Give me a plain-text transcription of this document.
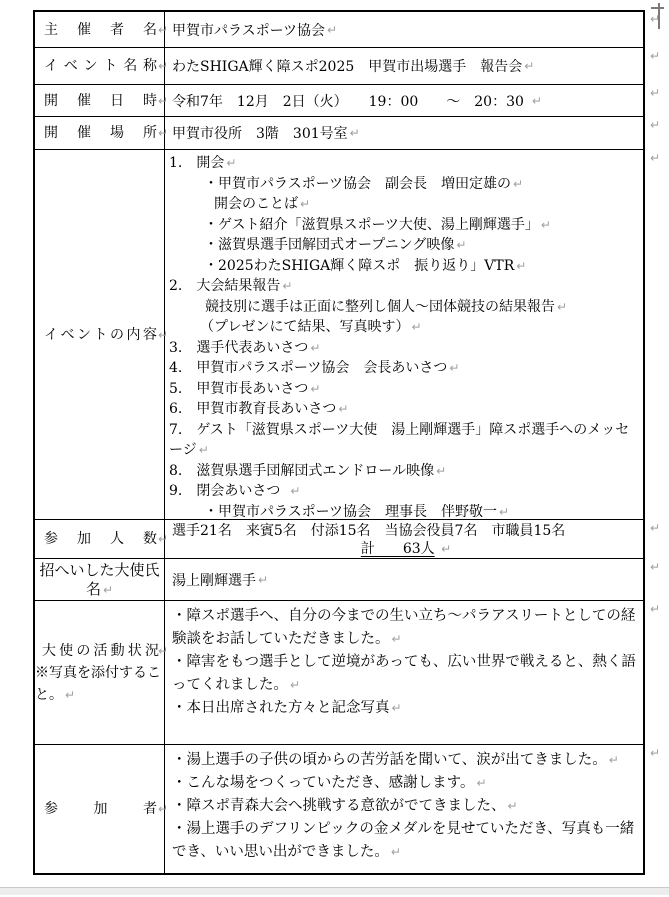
主 催 者 名 ↵ 甲賀市パラスポーツ協会 ↵
イ ベ ン ト 名 称 ↵ わたSHIGA輝く障スポ2025　甲賀市出場選手　報告会 ↵
開 催 日 時 ↵ 令和7年　12月　2日（火）　　19：00　　～　20：30 ↵
開 催 場 所 ↵ 甲賀市役所　3階　301号室 ↵
イ ベ ン ト の 内 容 ↵
1.　開会 ↵
・甲賀市パラスポーツ協会　副会長　増田定雄の ↵
開会のことば ↵
・ゲスト紹介「滋賀県スポーツ大使、湯上剛輝選手」 ↵
・滋賀県選手団解団式オープニング映像 ↵
・2025わたSHIGA輝く障スポ　振り返り」VTR ↵
2.　大会結果報告 ↵
競技別に選手は正面に整列し個人～団体競技の結果報告 ↵
（プレゼンにて結果、写真映す） ↵
3.　選手代表あいさつ ↵
4.　甲賀市パラスポーツ協会　会長あいさつ ↵
5.　甲賀市長あいさつ ↵
6.　甲賀市教育長あいさつ ↵
7.　ゲスト「滋賀県スポーツ大使　湯上剛輝選手」障スポ選手へのメッセージ ↵
8.　滋賀県選手団解団式エンドロール映像 ↵
9.　閉会あいさつ ↵
・甲賀市パラスポーツ協会　理事長　伴野敬一 ↵
参 加 人 数 ↵ 選手21名　来賓5名　付添15名　当協会役員7名　市職員15名
計　　63人 ↵
招へいした大使氏名 ↵
湯上剛輝選手 ↵
大 使 の 活 動 状 況 ↵
※写真を添付すること。 ↵
・障スポ選手へ、自分の今までの生い立ち～パラアスリートとしての経験談をお話していただきました。 ↵
・障害をもつ選手として逆境があっても、広い世界で戦えると、熱く語ってくれました。 ↵
・本日出席された方々と記念写真 ↵
参	加	者 ↵
・湯上選手の子供の頃からの苦労話を聞いて、涙が出てきました。 ↵
・こんな場をつくっていただき、感謝します。 ↵
・障スポ青森大会へ挑戦する意欲がでてきました、 ↵
・湯上選手のデフリンピックの金メダルを見せていただき、写真も一緒でき、いい思い出ができました。 ↵
↵
↵
↵
↵
↵
↵
↵
↵
↵
